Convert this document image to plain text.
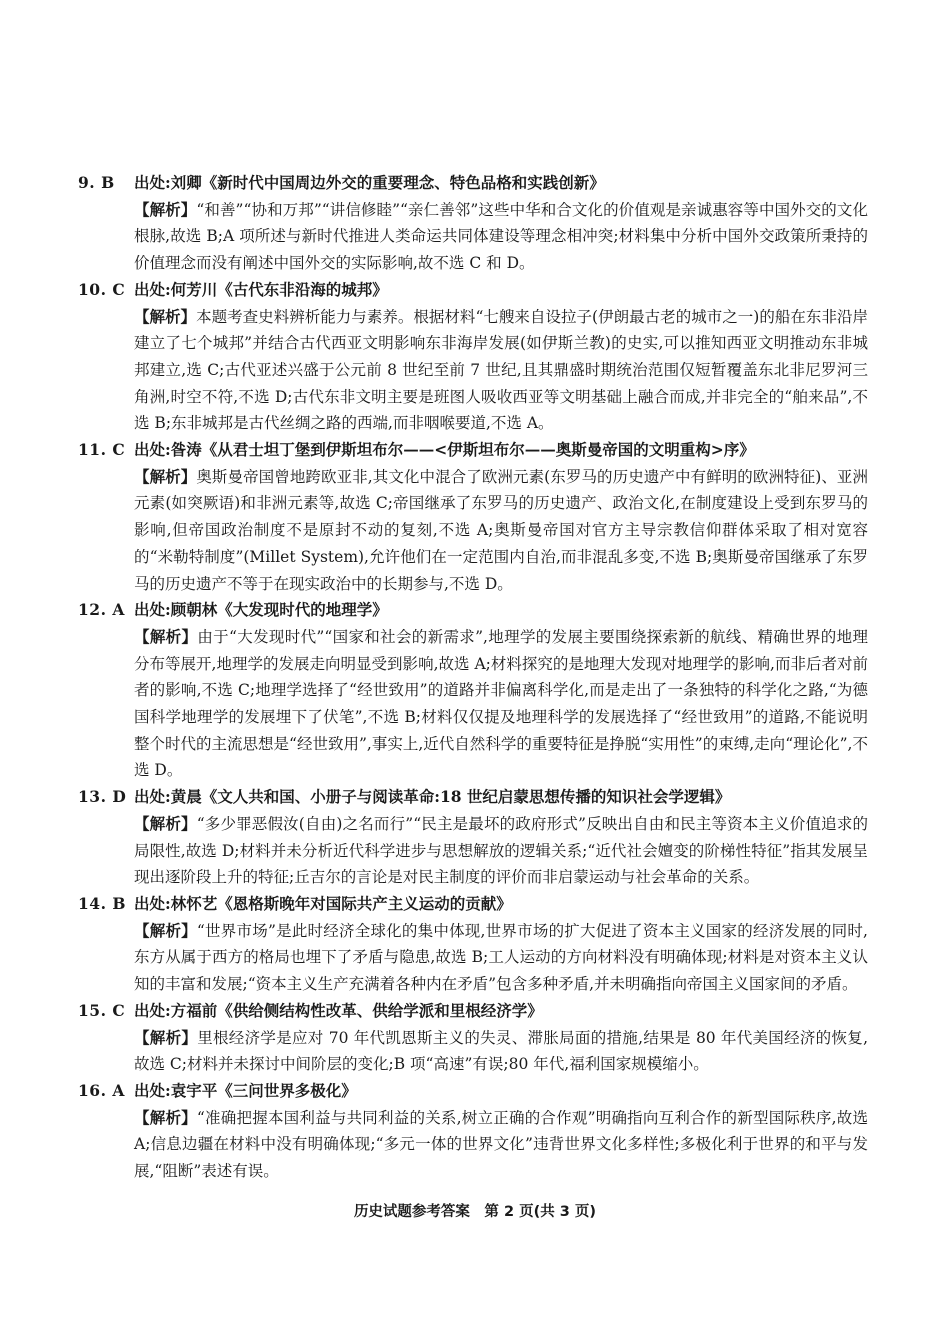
9. B	出处: 刘卿《新时代中国周边外交的重要理念、特色品格和实践创新》
【解析】“和善”“协和万邦”“讲信修睦”“亲仁善邻”这些中华和合文化的价值观是亲诚惠容等中国外交的文化根脉,故选 B;A 项所述与新时代推进人类命运共同体建设等理念相冲突;材料集中分析中国外交政策所秉持的价值理念而没有阐述中国外交的实际影响,故不选 C 和 D。
10. C 出处: 何芳川《古代东非沿海的城邦》
【解析】本题考查史料辨析能力与素养。根据材料“七艘来自设拉子(伊朗最古老的城市之一)的船在东非沿岸建立了七个城邦”并结合古代西亚文明影响东非海岸发展(如伊斯兰教)的史实,可以推知西亚文明推动东非城邦建立,选 C;古代亚述兴盛于公元前 8 世纪至前 7 世纪,且其鼎盛时期统治范围仅短暂覆盖东北非尼罗河三角洲,时空不符,不选 D;古代东非文明主要是班图人吸收西亚等文明基础上融合而成,并非完全的“舶来品”,不选 B;东非城邦是古代丝绸之路的西端,而非咽喉要道,不选 A。
11. C 出处: 昝涛《从君士坦丁堡到伊斯坦布尔——<伊斯坦布尔——奥斯曼帝国的文明重构>序》
【解析】奥斯曼帝国曾地跨欧亚非,其文化中混合了欧洲元素(东罗马的历史遗产中有鲜明的欧洲特征)、亚洲元素(如突厥语)和非洲元素等,故选 C;帝国继承了东罗马的历史遗产、政治文化,在制度建设上受到东罗马的影响,但帝国政治制度不是原封不动的复刻,不选 A;奥斯曼帝国对官方主导宗教信仰群体采取了相对宽容的“米勒特制度”(Millet System),允许他们在一定范围内自治,而非混乱多变,不选 B;奥斯曼帝国继承了东罗马的历史遗产不等于在现实政治中的长期参与,不选 D。
12. A 出处: 顾朝林《大发现时代的地理学》
【解析】由于“大发现时代”“国家和社会的新需求”,地理学的发展主要围绕探索新的航线、精确世界的地理分布等展开,地理学的发展走向明显受到影响,故选 A;材料探究的是地理大发现对地理学的影响,而非后者对前者的影响,不选 C;地理学选择了“经世致用”的道路并非偏离科学化,而是走出了一条独特的科学化之路,“为德国科学地理学的发展埋下了伏笔”,不选 B;材料仅仅提及地理科学的发展选择了“经世致用”的道路,不能说明整个时代的主流思想是“经世致用”,事实上,近代自然科学的重要特征是挣脱“实用性”的束缚,走向“理论化”,不选 D。
13. D 出处: 黄晨《文人共和国、小册子与阅读革命:18 世纪启蒙思想传播的知识社会学逻辑》
【解析】“多少罪恶假汝(自由)之名而行”“民主是最坏的政府形式”反映出自由和民主等资本主义价值追求的局限性,故选 D;材料并未分析近代科学进步与思想解放的逻辑关系;“近代社会嬗变的阶梯性特征”指其发展呈现出逐阶段上升的特征;丘吉尔的言论是对民主制度的评价而非启蒙运动与社会革命的关系。
14. B 出处: 林怀艺《恩格斯晚年对国际共产主义运动的贡献》
【解析】“世界市场”是此时经济全球化的集中体现,世界市场的扩大促进了资本主义国家的经济发展的同时,东方从属于西方的格局也埋下了矛盾与隐患,故选 B;工人运动的方向材料没有明确体现;材料是对资本主义认知的丰富和发展;“资本主义生产充满着各种内在矛盾”包含多种矛盾,并未明确指向帝国主义国家间的矛盾。
15. C 出处: 方福前《供给侧结构性改革、供给学派和里根经济学》
【解析】里根经济学是应对 70 年代凯恩斯主义的失灵、滞胀局面的措施,结果是 80 年代美国经济的恢复,故选 C;材料并未探讨中间阶层的变化;B 项“高速”有误;80 年代,福利国家规模缩小。
16. A 出处: 袁宇平《三问世界多极化》
【解析】“准确把握本国利益与共同利益的关系,树立正确的合作观”明确指向互利合作的新型国际秩序,故选 A;信息边疆在材料中没有明确体现;“多元一体的世界文化”违背世界文化多样性;多极化利于世界的和平与发展,“阻断”表述有误。
历史试题参考答案　第 2 页(共 3 页)
